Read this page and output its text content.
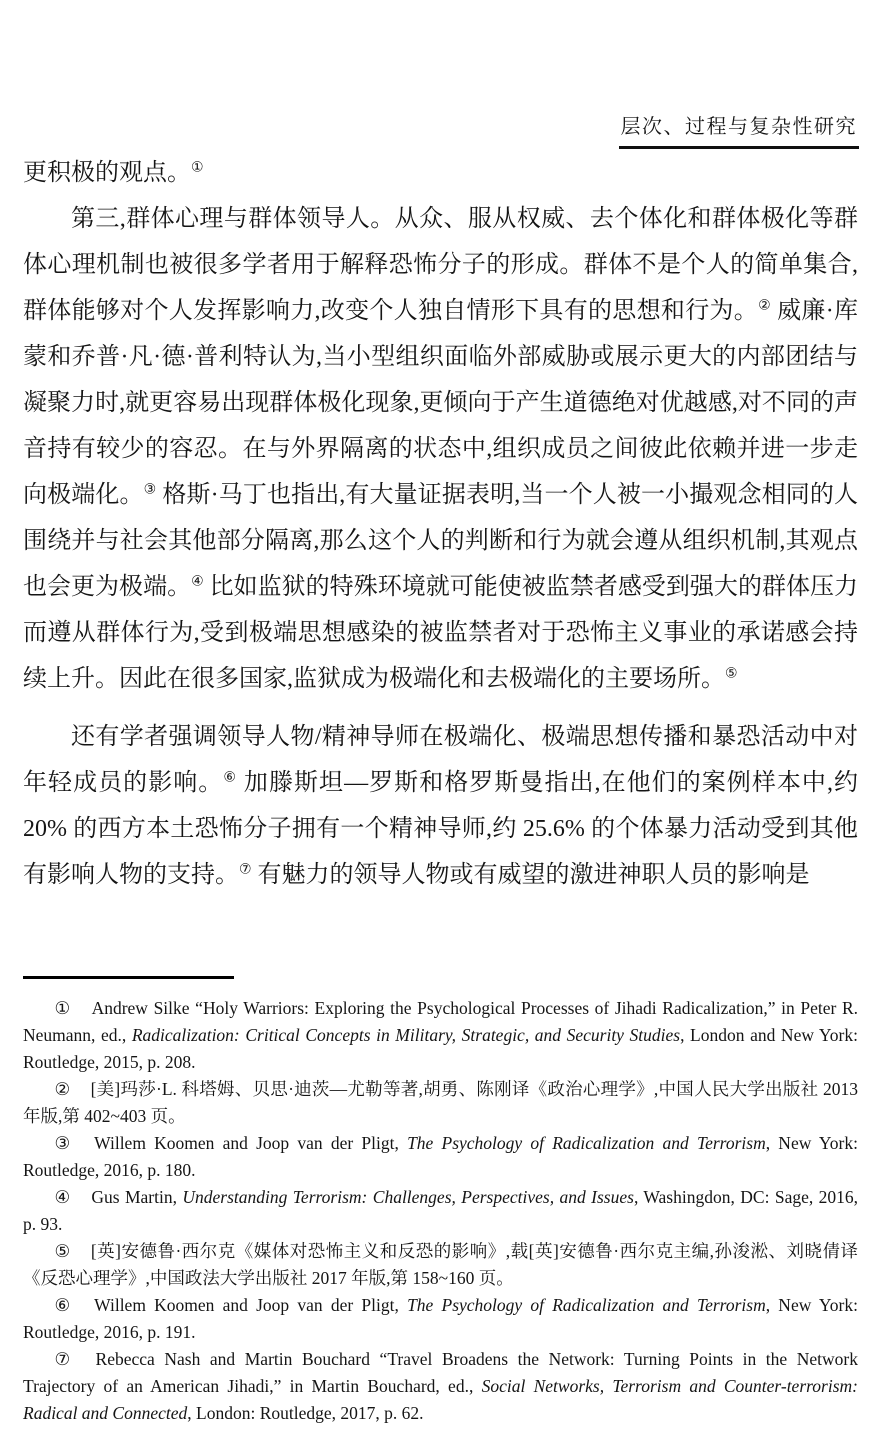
层次、过程与复杂性研究

更积极的观点。①

第三,群体心理与群体领导人。从众、服从权威、去个体化和群体极化等群体心理机制也被很多学者用于解释恐怖分子的形成。群体不是个人的简单集合,群体能够对个人发挥影响力,改变个人独自情形下具有的思想和行为。② 威廉·库蒙和乔普·凡·德·普利特认为,当小型组织面临外部威胁或展示更大的内部团结与凝聚力时,就更容易出现群体极化现象,更倾向于产生道德绝对优越感,对不同的声音持有较少的容忍。在与外界隔离的状态中,组织成员之间彼此依赖并进一步走向极端化。③ 格斯·马丁也指出,有大量证据表明,当一个人被一小撮观念相同的人围绕并与社会其他部分隔离,那么这个人的判断和行为就会遵从组织机制,其观点也会更为极端。④ 比如监狱的特殊环境就可能使被监禁者感受到强大的群体压力而遵从群体行为,受到极端思想感染的被监禁者对于恐怖主义事业的承诺感会持续上升。因此在很多国家,监狱成为极端化和去极端化的主要场所。⑤

还有学者强调领导人物/精神导师在极端化、极端思想传播和暴恐活动中对年轻成员的影响。⑥ 加滕斯坦—罗斯和格罗斯曼指出,在他们的案例样本中,约 20% 的西方本土恐怖分子拥有一个精神导师,约 25.6% 的个体暴力活动受到其他有影响人物的支持。⑦ 有魅力的领导人物或有威望的激进神职人员的影响是

① Andrew Silke “Holy Warriors: Exploring the Psychological Processes of Jihadi Radicalization,” in Peter R. Neumann, ed., Radicalization: Critical Concepts in Military, Strategic, and Security Studies, London and New York: Routledge, 2015, p. 208.

② [美]玛莎·L. 科塔姆、贝思·迪茨—尤勒等著,胡勇、陈刚译《政治心理学》,中国人民大学出版社 2013 年版,第 402~403 页。

③ Willem Koomen and Joop van der Pligt, The Psychology of Radicalization and Terrorism, New York: Routledge, 2016, p. 180.

④ Gus Martin, Understanding Terrorism: Challenges, Perspectives, and Issues, Washingdon, DC: Sage, 2016, p. 93.

⑤ [英]安德鲁·西尔克《媒体对恐怖主义和反恐的影响》,载[英]安德鲁·西尔克主编,孙浚淞、刘晓倩译《反恐心理学》,中国政法大学出版社 2017 年版,第 158~160 页。

⑥ Willem Koomen and Joop van der Pligt, The Psychology of Radicalization and Terrorism, New York: Routledge, 2016, p. 191.

⑦ Rebecca Nash and Martin Bouchard “Travel Broadens the Network: Turning Points in the Network Trajectory of an American Jihadi,” in Martin Bouchard, ed., Social Networks, Terrorism and Counter-terrorism: Radical and Connected, London: Routledge, 2017, p. 62.
